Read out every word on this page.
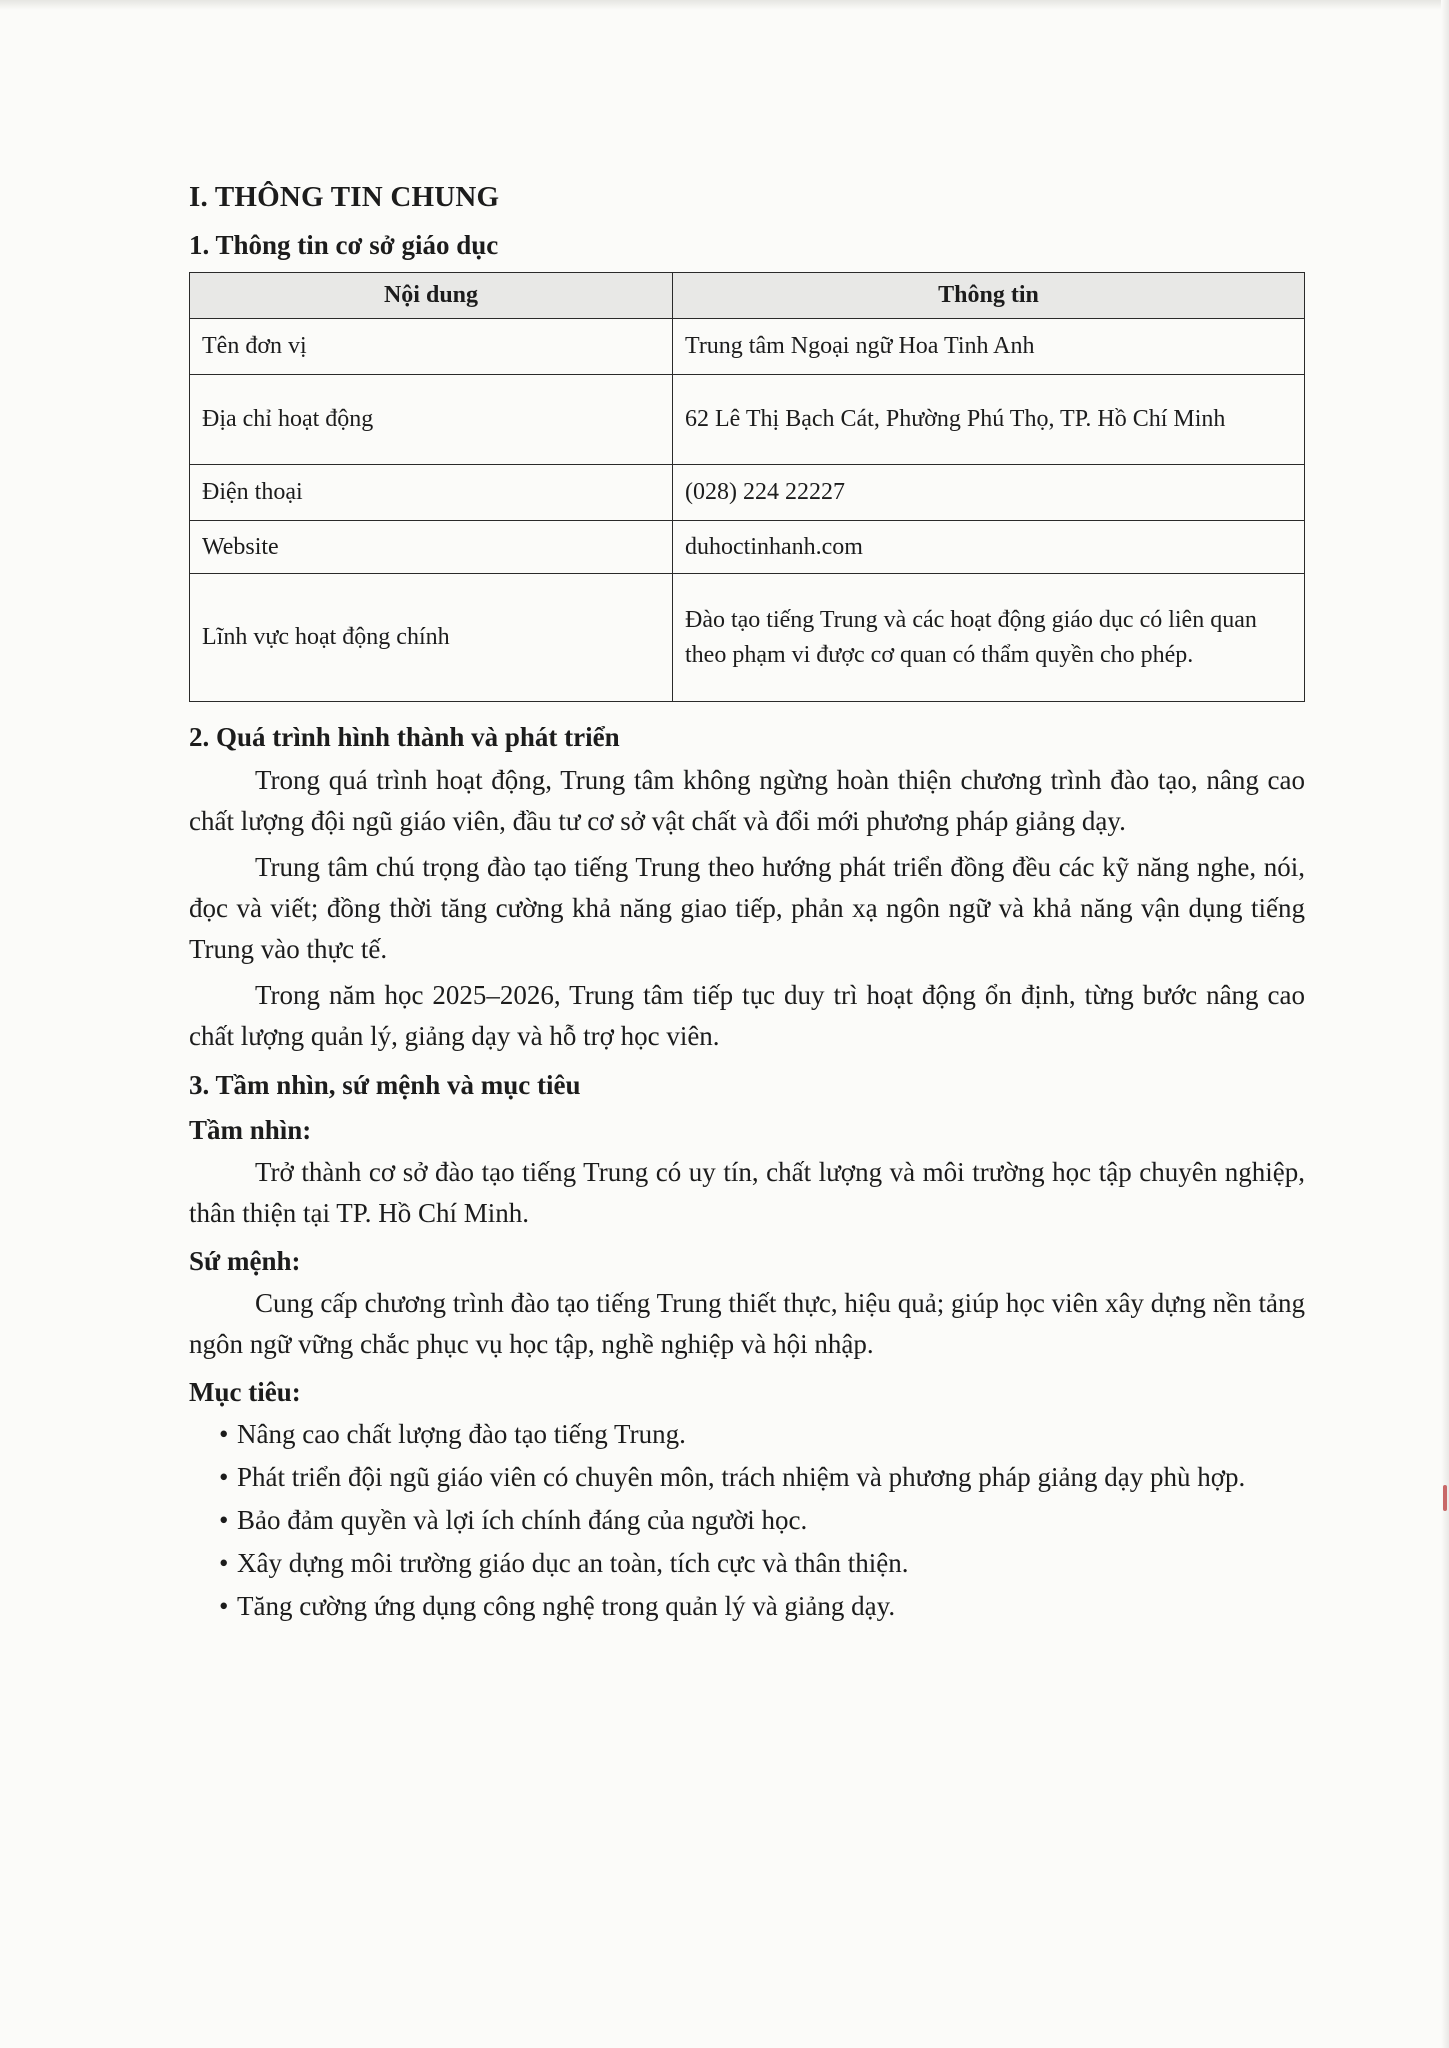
I. THÔNG TIN CHUNG
1. Thông tin cơ sở giáo dục
Nội dung	Thông tin
Tên đơn vị	Trung tâm Ngoại ngữ Hoa Tinh Anh
Địa chỉ hoạt động	62 Lê Thị Bạch Cát, Phường Phú Thọ, TP. Hồ Chí Minh
Điện thoại	(028) 224 22227
Website	duhoctinhanh.com
Lĩnh vực hoạt động chính	Đào tạo tiếng Trung và các hoạt động giáo dục có liên quan theo phạm vi được cơ quan có thẩm quyền cho phép.
2. Quá trình hình thành và phát triển

Trong quá trình hoạt động, Trung tâm không ngừng hoàn thiện chương trình đào tạo, nâng cao chất lượng đội ngũ giáo viên, đầu tư cơ sở vật chất và đổi mới phương pháp giảng dạy.

Trung tâm chú trọng đào tạo tiếng Trung theo hướng phát triển đồng đều các kỹ năng nghe, nói, đọc và viết; đồng thời tăng cường khả năng giao tiếp, phản xạ ngôn ngữ và khả năng vận dụng tiếng Trung vào thực tế.

Trong năm học 2025–2026, Trung tâm tiếp tục duy trì hoạt động ổn định, từng bước nâng cao chất lượng quản lý, giảng dạy và hỗ trợ học viên.

3. Tầm nhìn, sứ mệnh và mục tiêu
Tầm nhìn:

Trở thành cơ sở đào tạo tiếng Trung có uy tín, chất lượng và môi trường học tập chuyên nghiệp, thân thiện tại TP. Hồ Chí Minh.

Sứ mệnh:

Cung cấp chương trình đào tạo tiếng Trung thiết thực, hiệu quả; giúp học viên xây dựng nền tảng ngôn ngữ vững chắc phục vụ học tập, nghề nghiệp và hội nhập.

Mục tiêu:
• Nâng cao chất lượng đào tạo tiếng Trung.
• Phát triển đội ngũ giáo viên có chuyên môn, trách nhiệm và phương pháp giảng dạy phù hợp.
• Bảo đảm quyền và lợi ích chính đáng của người học.
• Xây dựng môi trường giáo dục an toàn, tích cực và thân thiện.
• Tăng cường ứng dụng công nghệ trong quản lý và giảng dạy.
